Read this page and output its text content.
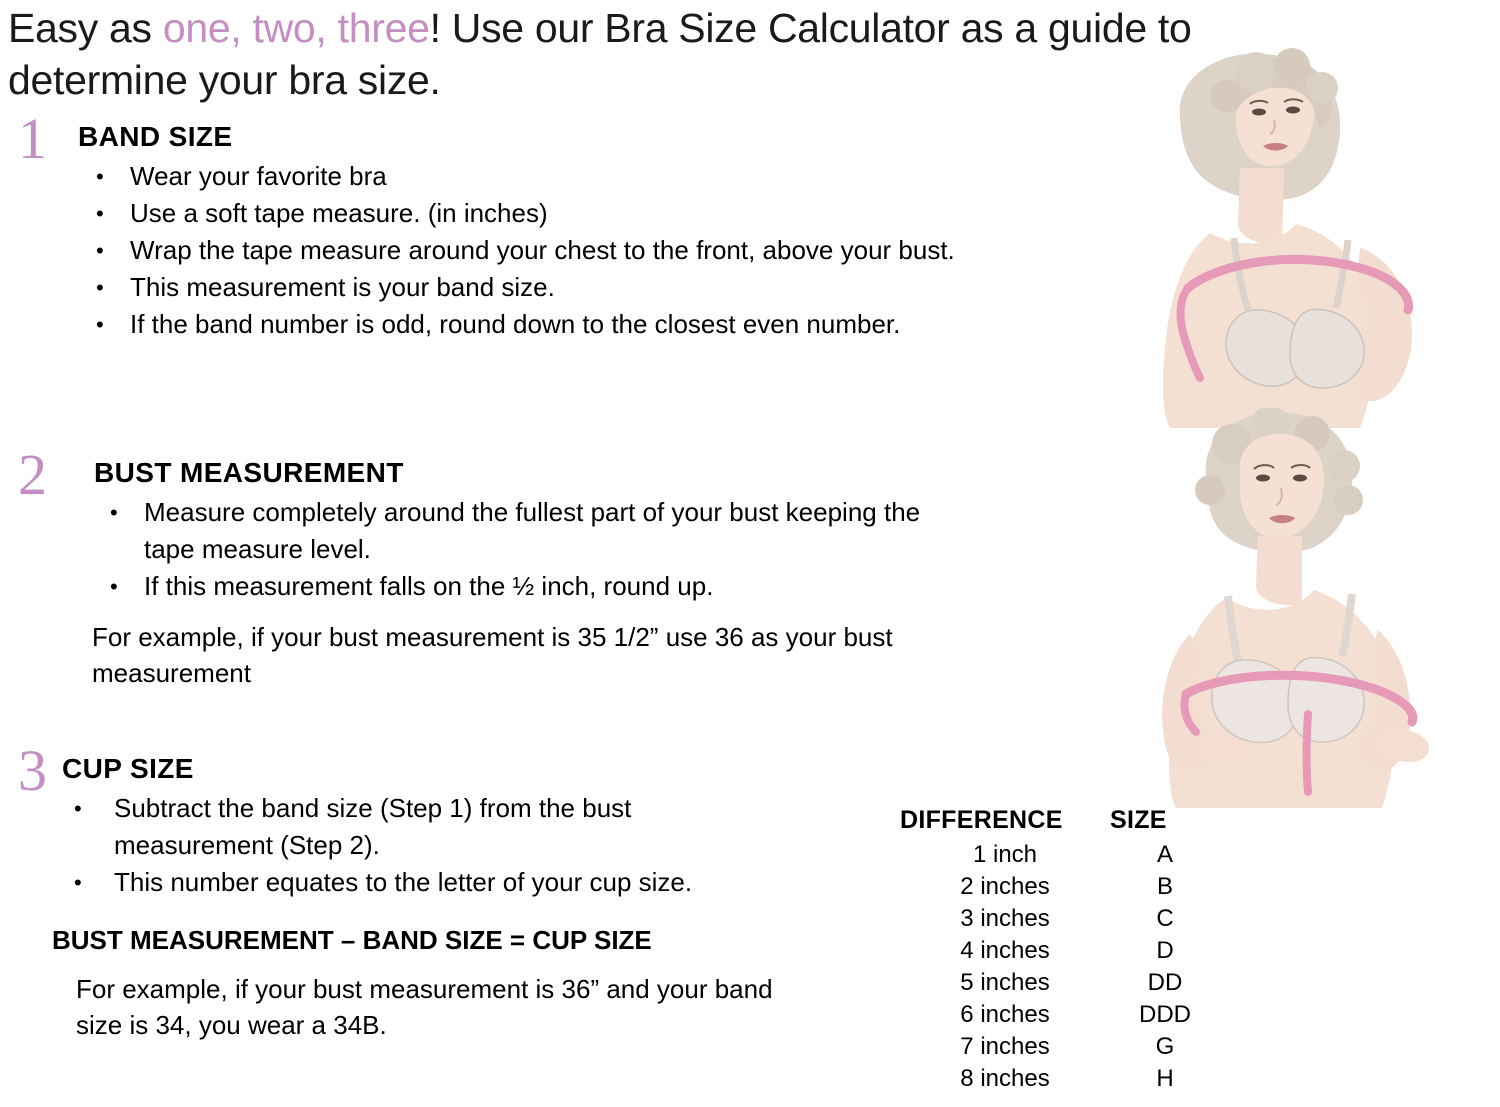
Easy as one, two, three! Use our Bra Size Calculator as a guide to determine your bra size.
1 BAND SIZE
• Wear your favorite bra
• Use a soft tape measure. (in inches)
• Wrap the tape measure around your chest to the front, above your bust.
• This measurement is your band size.
• If the band number is odd, round down to the closest even number.
2 BUST MEASUREMENT
• Measure completely around the fullest part of your bust keeping the tape measure level.
• If this measurement falls on the ½ inch, round up.
For example, if your bust measurement is 35 1/2” use 36 as your bust measurement
3 CUP SIZE
• Subtract the band size (Step 1) from the bust measurement (Step 2).
• This number equates to the letter of your cup size.
BUST MEASUREMENT – BAND SIZE = CUP SIZE
For example, if your bust measurement is 36” and your band size is 34, you wear a 34B.
DIFFERENCE	SIZE
1 inch	A
2 inches	B
3 inches	C
4 inches	D
5 inches	DD
6 inches	DDD
7 inches	G
8 inches	H
